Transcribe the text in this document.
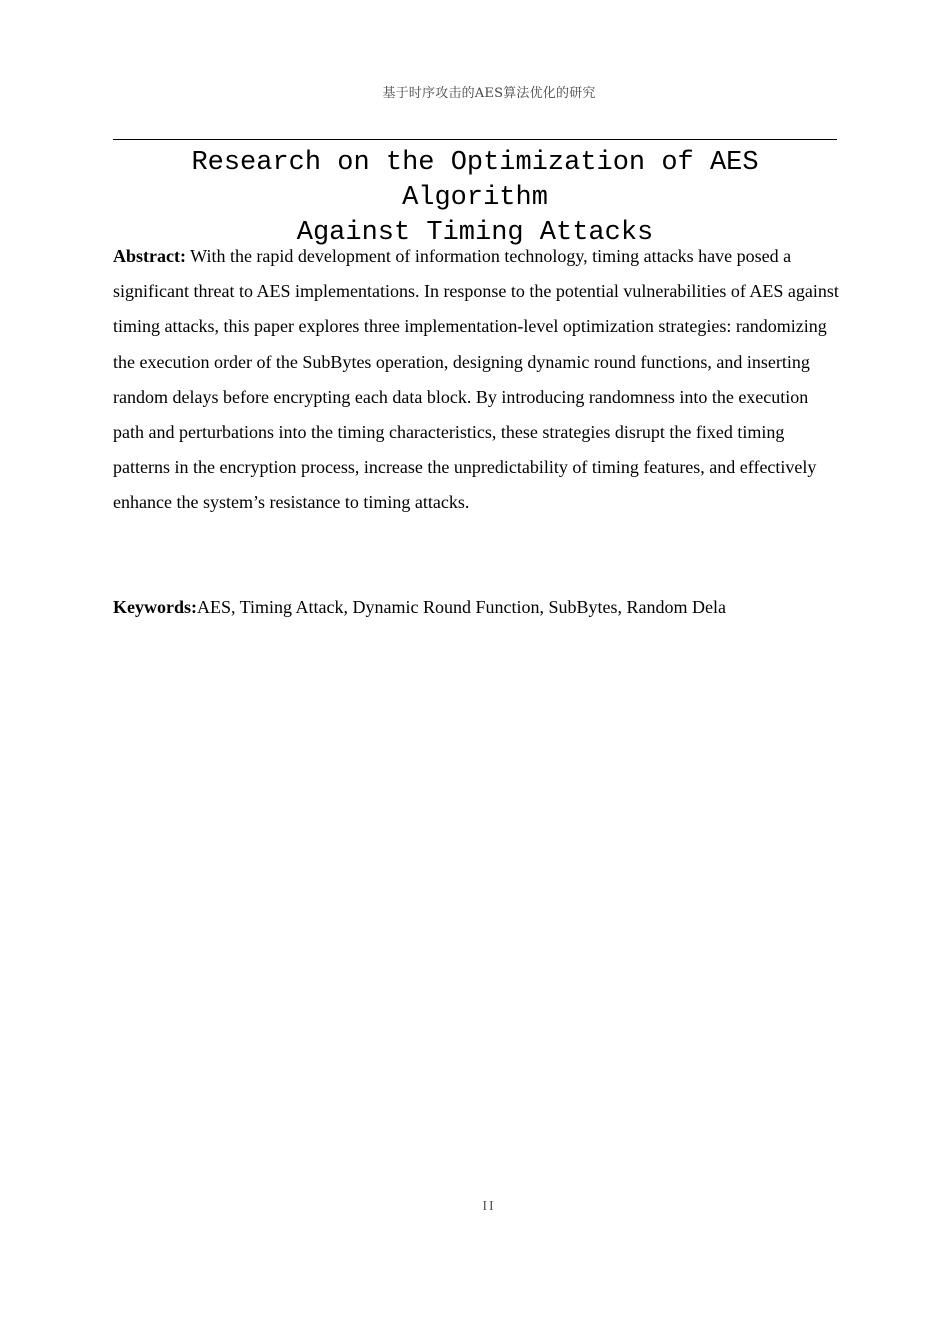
基于时序攻击的AES算法优化的研究
Research on the Optimization of AES Algorithm
Against Timing Attacks

Abstract: With the rapid development of information technology, timing attacks have posed a significant threat to AES implementations. In response to the potential vulnerabilities of AES against timing attacks, this paper explores three implementation-level optimization strategies: randomizing the execution order of the SubBytes operation, designing dynamic round functions, and inserting random delays before encrypting each data block. By introducing randomness into the execution path and perturbations into the timing characteristics, these strategies disrupt the fixed timing patterns in the encryption process, increase the unpredictability of timing features, and effectively enhance the system’s resistance to timing attacks.

Keywords:AES, Timing Attack, Dynamic Round Function, SubBytes, Random Dela

II
